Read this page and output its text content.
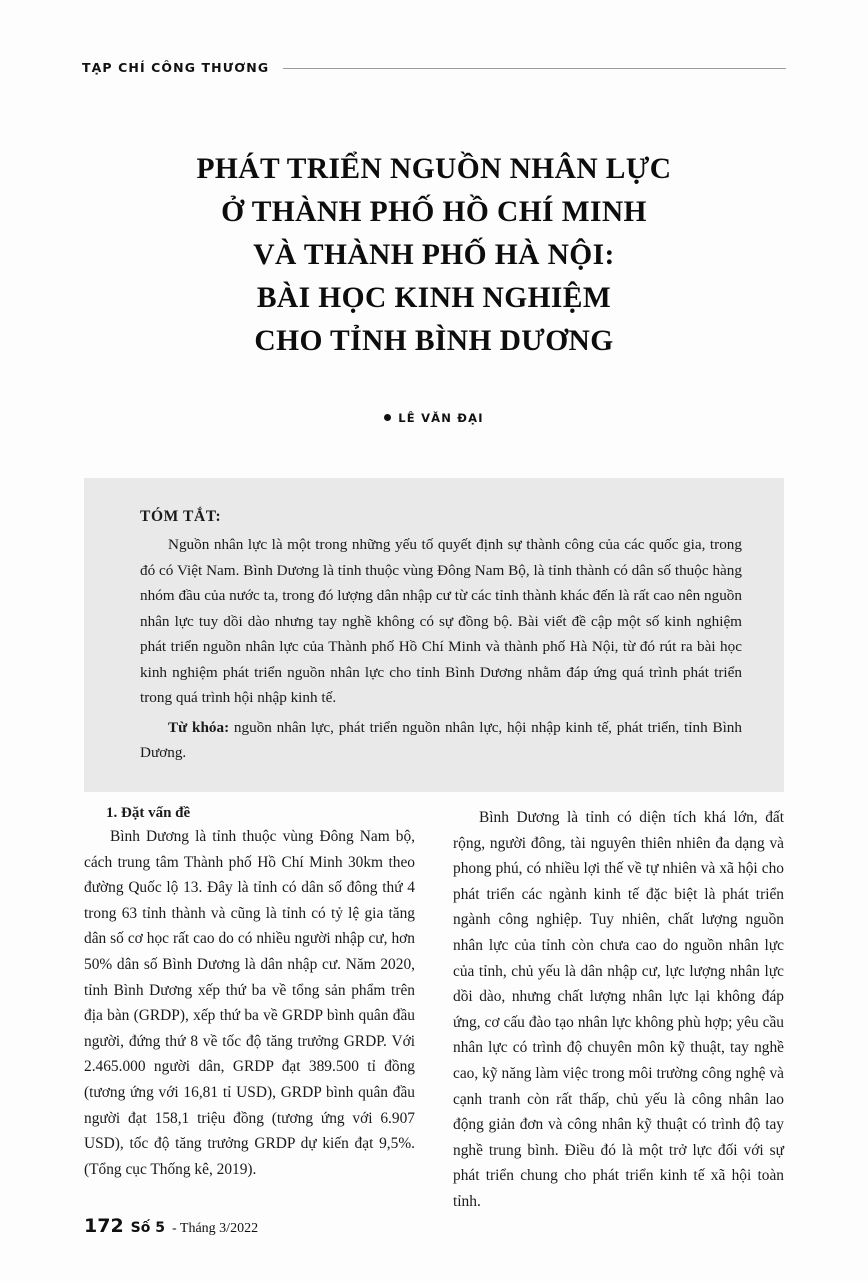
TẠP CHÍ CÔNG THƯƠNG
PHÁT TRIỂN NGUỒN NHÂN LỰC
Ở THÀNH PHỐ HỒ CHÍ MINH
VÀ THÀNH PHỐ HÀ NỘI:
BÀI HỌC KINH NGHIỆM
CHO TỈNH BÌNH DƯƠNG
LÊ VĂN ĐẠI
TÓM TẮT:

Nguồn nhân lực là một trong những yếu tố quyết định sự thành công của các quốc gia, trong đó có Việt Nam. Bình Dương là tỉnh thuộc vùng Đông Nam Bộ, là tỉnh thành có dân số thuộc hàng nhóm đầu của nước ta, trong đó lượng dân nhập cư từ các tỉnh thành khác đến là rất cao nên nguồn nhân lực tuy dồi dào nhưng tay nghề không có sự đồng bộ. Bài viết đề cập một số kinh nghiệm phát triển nguồn nhân lực của Thành phố Hồ Chí Minh và thành phố Hà Nội, từ đó rút ra bài học kinh nghiệm phát triển nguồn nhân lực cho tỉnh Bình Dương nhằm đáp ứng quá trình phát triển trong quá trình hội nhập kinh tế.

Từ khóa: nguồn nhân lực, phát triển nguồn nhân lực, hội nhập kinh tế, phát triển, tỉnh Bình Dương.

1. Đặt vấn đề

Bình Dương là tỉnh thuộc vùng Đông Nam bộ, cách trung tâm Thành phố Hồ Chí Minh 30km theo đường Quốc lộ 13. Đây là tỉnh có dân số đông thứ 4 trong 63 tỉnh thành và cũng là tỉnh có tỷ lệ gia tăng dân số cơ học rất cao do có nhiều người nhập cư, hơn 50% dân số Bình Dương là dân nhập cư. Năm 2020, tỉnh Bình Dương xếp thứ ba về tổng sản phẩm trên địa bàn (GRDP), xếp thứ ba về GRDP bình quân đầu người, đứng thứ 8 về tốc độ tăng trưởng GRDP. Với 2.465.000 người dân, GRDP đạt 389.500 tỉ đồng (tương ứng với 16,81 tỉ USD), GRDP bình quân đầu người đạt 158,1 triệu đồng (tương ứng với 6.907 USD), tốc độ tăng trưởng GRDP dự kiến đạt 9,5%. (Tổng cục Thống kê, 2019).

Bình Dương là tỉnh có diện tích khá lớn, đất rộng, người đông, tài nguyên thiên nhiên đa dạng và phong phú, có nhiều lợi thế về tự nhiên và xã hội cho phát triển các ngành kinh tế đặc biệt là phát triển ngành công nghiệp. Tuy nhiên, chất lượng nguồn nhân lực của tỉnh còn chưa cao do nguồn nhân lực của tỉnh, chủ yếu là dân nhập cư, lực lượng nhân lực dồi dào, nhưng chất lượng nhân lực lại không đáp ứng, cơ cấu đào tạo nhân lực không phù hợp; yêu cầu nhân lực có trình độ chuyên môn kỹ thuật, tay nghề cao, kỹ năng làm việc trong môi trường công nghệ và cạnh tranh còn rất thấp, chủ yếu là công nhân lao động giản đơn và công nhân kỹ thuật có trình độ tay nghề trung bình. Điều đó là một trở lực đối với sự phát triển chung cho phát triển kinh tế xã hội toàn tỉnh.

172 Số 5 - Tháng 3/2022
